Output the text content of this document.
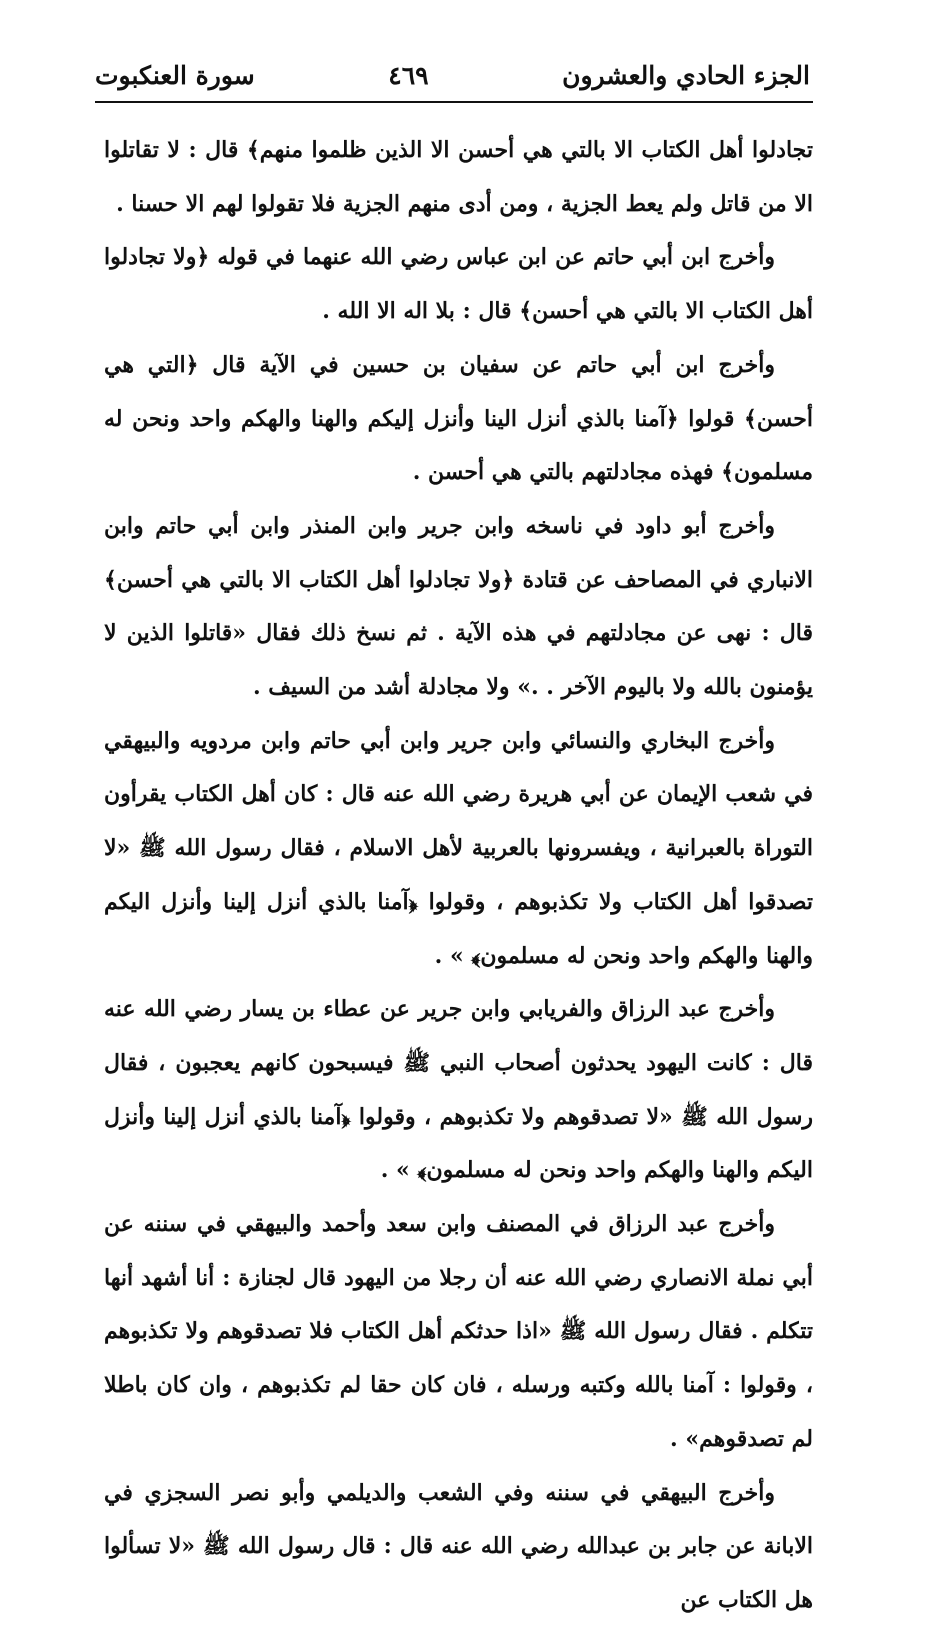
الجزء الحادي والعشرون
٤٦٩
سورة العنكبوت

تجادلوا أهل الكتاب الا بالتي هي أحسن الا الذين ظلموا منهم﴾ قال : لا تقاتلوا الا من قاتل ولم يعط الجزية ، ومن أدى منهم الجزية فلا تقولوا لهم الا حسنا .

وأخرج ابن أبي حاتم عن ابن عباس رضي الله عنهما في قوله ﴿ولا تجادلوا أهل الكتاب الا بالتي هي أحسن﴾ قال : بلا اله الا الله .

وأخرج ابن أبي حاتم عن سفيان بن حسين في الآية قال ﴿التي هي أحسن﴾ قولوا ﴿آمنا بالذي أنزل الينا وأنزل إليكم والهنا والهكم واحد ونحن له مسلمون﴾ فهذه مجادلتهم بالتي هي أحسن .

وأخرج أبو داود في ناسخه وابن جرير وابن المنذر وابن أبي حاتم وابن الانباري في المصاحف عن قتادة ﴿ولا تجادلوا أهل الكتاب الا بالتي هي أحسن﴾ قال : نهى عن مجادلتهم في هذه الآية . ثم نسخ ذلك فقال «قاتلوا الذين لا يؤمنون بالله ولا باليوم الآخر . .» ولا مجادلة أشد من السيف .

وأخرج البخاري والنسائي وابن جرير وابن أبي حاتم وابن مردويه والبيهقي في شعب الإيمان عن أبي هريرة رضي الله عنه قال : كان أهل الكتاب يقرأون التوراة بالعبرانية ، ويفسرونها بالعربية لأهل الاسلام ، فقال رسول الله ﷺ «لا تصدقوا أهل الكتاب ولا تكذبوهم ، وقولوا ﴿آمنا بالذي أنزل إلينا وأنزل اليكم والهنا والهكم واحد ونحن له مسلمون﴾ » .

وأخرج عبد الرزاق والفريابي وابن جرير عن عطاء بن يسار رضي الله عنه قال : كانت اليهود يحدثون أصحاب النبي ﷺ فيسبحون كانهم يعجبون ، فقال رسول الله ﷺ «لا تصدقوهم ولا تكذبوهم ، وقولوا ﴿آمنا بالذي أنزل إلينا وأنزل اليكم والهنا والهكم واحد ونحن له مسلمون﴾ » .

وأخرج عبد الرزاق في المصنف وابن سعد وأحمد والبيهقي في سننه عن أبي نملة الانصاري رضي الله عنه أن رجلا من اليهود قال لجنازة : أنا أشهد أنها تتكلم . فقال رسول الله ﷺ «اذا حدثكم أهل الكتاب فلا تصدقوهم ولا تكذبوهم ، وقولوا : آمنا بالله وكتبه ورسله ، فان كان حقا لم تكذبوهم ، وان كان باطلا لم تصدقوهم» .

وأخرج البيهقي في سننه وفي الشعب والديلمي وأبو نصر السجزي في الابانة عن جابر بن عبدالله رضي الله عنه قال : قال رسول الله ﷺ «لا تسألوا هل الكتاب عن
